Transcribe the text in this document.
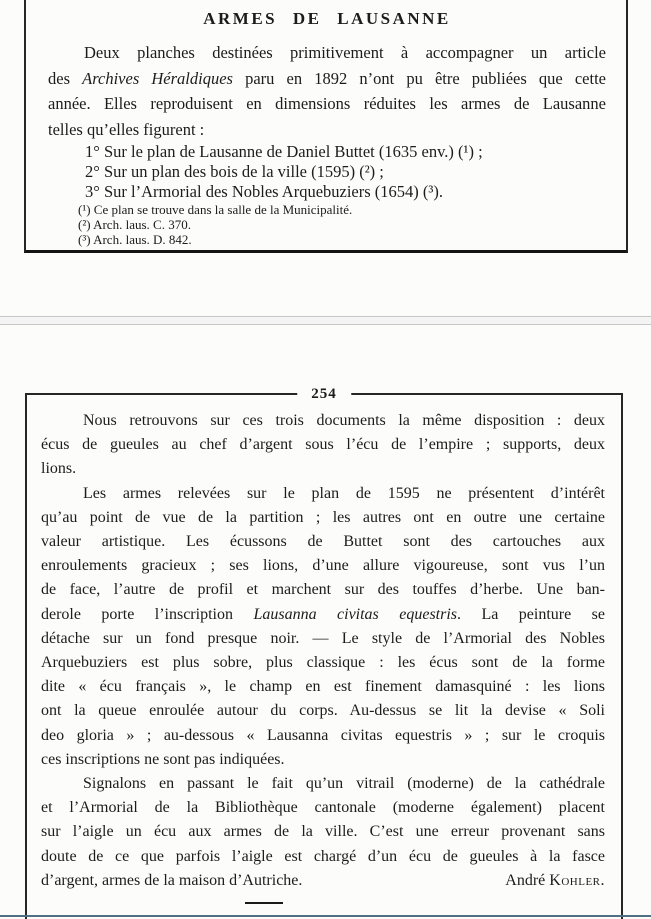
ARMES DE LAUSANNE
Deux planches destinées primitivement à accompagner un article
des Archives Héraldiques paru en 1892 n’ont pu être publiées que cette
année. Elles reproduisent en dimensions réduites les armes de Lausanne
telles qu’elles figurent :
1° Sur le plan de Lausanne de Daniel Buttet (1635 env.) (¹) ;
2° Sur un plan des bois de la ville (1595) (²) ;
3° Sur l’Armorial des Nobles Arquebuziers (1654) (³).
(¹) Ce plan se trouve dans la salle de la Municipalité.
(²) Arch. laus. C. 370.
(³) Arch. laus. D. 842.
254
Nous retrouvons sur ces trois documents la même disposition : deux
écus de gueules au chef d’argent sous l’écu de l’empire ; supports, deux
lions.
Les armes relevées sur le plan de 1595 ne présentent d’intérêt
qu’au point de vue de la partition ; les autres ont en outre une certaine
valeur artistique. Les écussons de Buttet sont des cartouches aux
enroulements gracieux ; ses lions, d’une allure vigoureuse, sont vus l’un
de face, l’autre de profil et marchent sur des touffes d’herbe. Une ban-
derole porte l’inscription Lausanna civitas equestris. La peinture se
détache sur un fond presque noir. — Le style de l’Armorial des Nobles
Arquebuziers est plus sobre, plus classique : les écus sont de la forme
dite « écu français », le champ en est finement damasquiné : les lions
ont la queue enroulée autour du corps. Au-dessus se lit la devise « Soli
deo gloria » ; au-dessous « Lausanna civitas equestris » ; sur le croquis
ces inscriptions ne sont pas indiquées.
Signalons en passant le fait qu’un vitrail (moderne) de la cathédrale
et l’Armorial de la Bibliothèque cantonale (moderne également) placent
sur l’aigle un écu aux armes de la ville. C’est une erreur provenant sans
doute de ce que parfois l’aigle est chargé d’un écu de gueules à la fasce
d’argent, armes de la maison d’Autriche.	André Kohler.
